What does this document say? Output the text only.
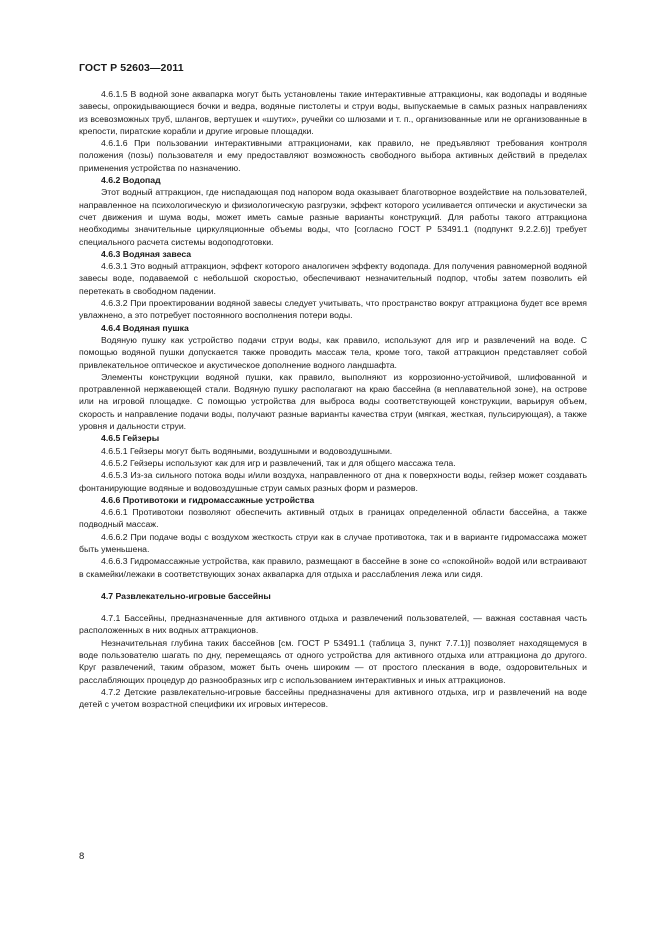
ГОСТ Р 52603—2011

4.6.1.5 В водной зоне аквапарка могут быть установлены такие интерактивные аттракционы, как водопады и водяные завесы, опрокидывающиеся бочки и ведра, водяные пистолеты и струи воды, выпускаемые в самых разных направлениях из всевозможных труб, шлангов, вертушек и «шутих», ручейки со шлюзами и т. п., организованные или не организованные в крепости, пиратские корабли и другие игровые площадки.

4.6.1.6 При пользовании интерактивными аттракционами, как правило, не предъявляют требования контроля положения (позы) пользователя и ему предоставляют возможность свободного выбора активных действий в пределах применения устройства по назначению.

4.6.2 Водопад

Этот водный аттракцион, где ниспадающая под напором вода оказывает благотворное воздействие на пользователей, направленное на психологическую и физиологическую разгрузки, эффект которого усиливается оптически и акустически за счет движения и шума воды, может иметь самые разные варианты конструкций. Для работы такого аттракциона необходимы значительные циркуляционные объемы воды, что [согласно ГОСТ Р 53491.1 (подпункт 9.2.2.6)] требует специального расчета системы водоподготовки.

4.6.3 Водяная завеса

4.6.3.1 Это водный аттракцион, эффект которого аналогичен эффекту водопада. Для получения равномерной водяной завесы воде, подаваемой с небольшой скоростью, обеспечивают незначительный подпор, чтобы затем позволить ей перетекать в свободном падении.

4.6.3.2 При проектировании водяной завесы следует учитывать, что пространство вокруг аттракциона будет все время увлажнено, а это потребует постоянного восполнения потери воды.

4.6.4 Водяная пушка

Водяную пушку как устройство подачи струи воды, как правило, используют для игр и развлечений на воде. С помощью водяной пушки допускается также проводить массаж тела, кроме того, такой аттракцион представляет собой привлекательное оптическое и акустическое дополнение водного ландшафта.

Элементы конструкции водяной пушки, как правило, выполняют из коррозионно-устойчивой, шлифованной и протравленной нержавеющей стали. Водяную пушку располагают на краю бассейна (в неплавательной зоне), на острове или на игровой площадке. С помощью устройства для выброса воды соответствующей конструкции, варьируя объем, скорость и направление подачи воды, получают разные варианты качества струи (мягкая, жесткая, пульсирующая), а также уровня и дальности струи.

4.6.5 Гейзеры

4.6.5.1 Гейзеры могут быть водяными, воздушными и водовоздушными.

4.6.5.2 Гейзеры используют как для игр и развлечений, так и для общего массажа тела.

4.6.5.3 Из-за сильного потока воды и/или воздуха, направленного от дна к поверхности воды, гейзер может создавать фонтанирующие водяные и водовоздушные струи самых разных форм и размеров.

4.6.6 Противотоки и гидромассажные устройства

4.6.6.1 Противотоки позволяют обеспечить активный отдых в границах определенной области бассейна, а также подводный массаж.

4.6.6.2 При подаче воды с воздухом жесткость струи как в случае противотока, так и в варианте гидромассажа может быть уменьшена.

4.6.6.3 Гидромассажные устройства, как правило, размещают в бассейне в зоне со «спокойной» водой или встраивают в скамейки/лежаки в соответствующих зонах аквапарка для отдыха и расслабления лежа или сидя.

4.7 Развлекательно-игровые бассейны

4.7.1 Бассейны, предназначенные для активного отдыха и развлечений пользователей, — важная составная часть расположенных в них водных аттракционов.

Незначительная глубина таких бассейнов [см. ГОСТ Р 53491.1 (таблица 3, пункт 7.7.1)] позволяет находящемуся в воде пользователю шагать по дну, перемещаясь от одного устройства для активного отдыха или аттракциона до другого. Круг развлечений, таким образом, может быть очень широким — от простого плескания в воде, оздоровительных и расслабляющих процедур до разнообразных игр с использованием интерактивных и иных аттракционов.

4.7.2 Детские развлекательно-игровые бассейны предназначены для активного отдыха, игр и развлечений на воде детей с учетом возрастной специфики их игровых интересов.

8
